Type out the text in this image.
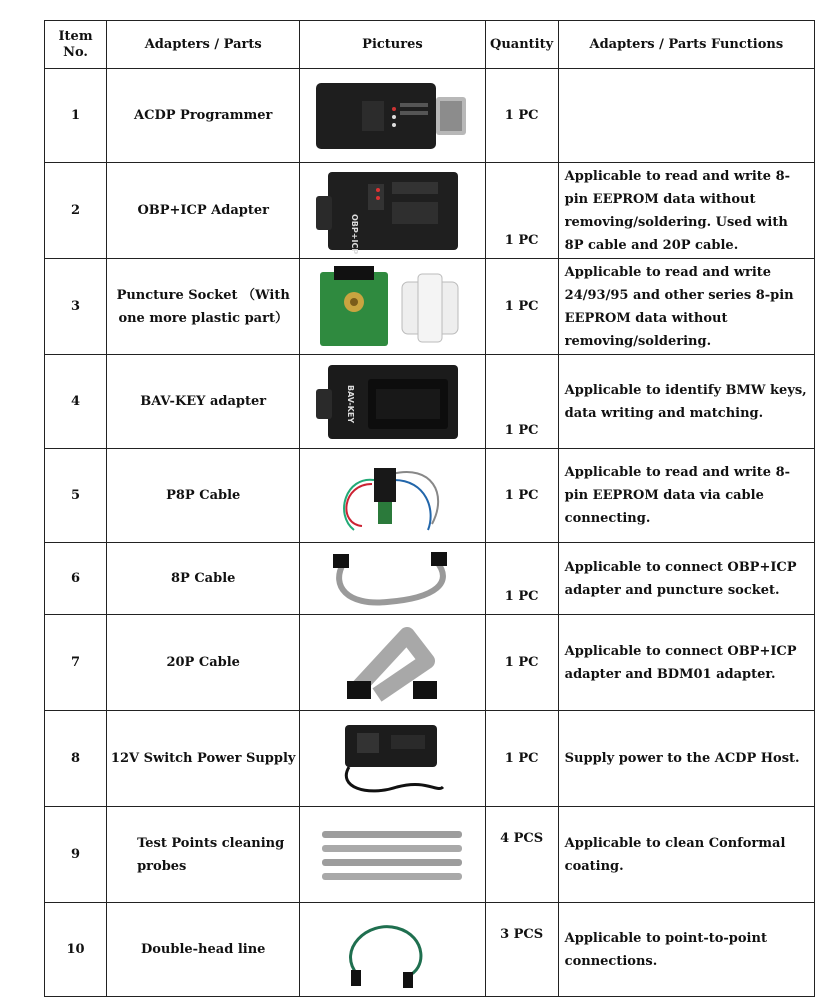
Item No.	Adapters / Parts	Pictures	Quantity	Adapters / Parts Functions
1	ACDP Programmer		1 PC	
2	OBP+ICP Adapter	OBP+ICP	1 PC	Applicable to read and write 8-pin EEPROM data without removing/soldering. Used with 8P cable and 20P cable.
3	Puncture Socket （With one more plastic part）		1 PC	Applicable to read and write 24/93/95 and other series 8-pin EEPROM data without removing/soldering.
4	BAV-KEY adapter	BAV-KEY	1 PC	Applicable to identify BMW keys, data writing and matching.
5	P8P Cable		1 PC	Applicable to read and write 8-pin EEPROM data via cable connecting.
6	8P Cable		1 PC	Applicable to connect OBP+ICP adapter and puncture socket.
7	20P Cable		1 PC	Applicable to connect OBP+ICP adapter and BDM01 adapter.
8	12V Switch Power Supply		1 PC	Supply power to the ACDP Host.
9	Test Points cleaning probes		4 PCS	Applicable to clean Conformal coating.
10	Double-head line		3 PCS	Applicable to point-to-point connections.
